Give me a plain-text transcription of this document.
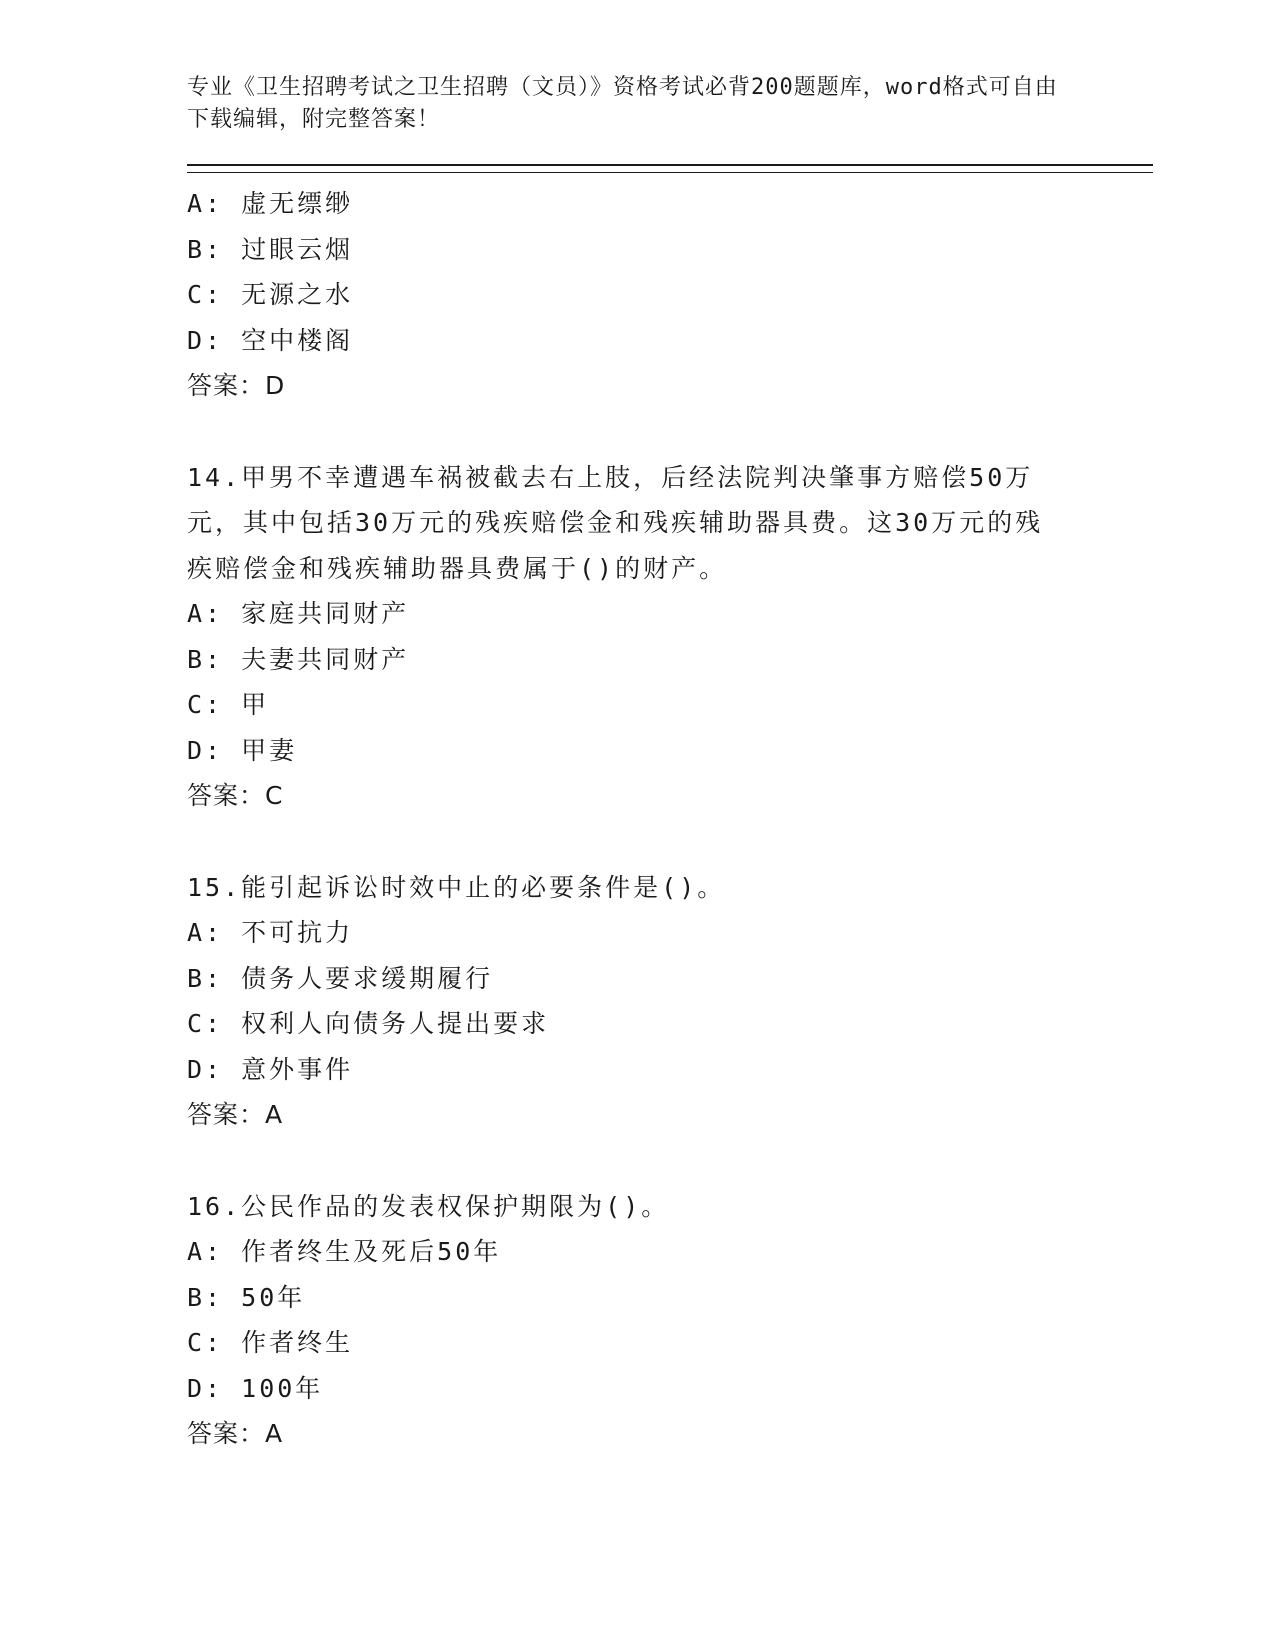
专业《卫生招聘考试之卫生招聘（文员）》资格考试必背200题题库，word格式可自由下载编辑，附完整答案！
A: 虚无缥缈
B: 过眼云烟
C: 无源之水
D: 空中楼阁
答案：D
14.甲男不幸遭遇车祸被截去右上肢，后经法院判决肇事方赔偿50万元，其中包括30万元的残疾赔偿金和残疾辅助器具费。这30万元的残疾赔偿金和残疾辅助器具费属于()的财产。
A: 家庭共同财产
B: 夫妻共同财产
C: 甲
D: 甲妻
答案：C
15.能引起诉讼时效中止的必要条件是()。
A: 不可抗力
B: 债务人要求缓期履行
C: 权利人向债务人提出要求
D: 意外事件
答案：A
16.公民作品的发表权保护期限为()。
A: 作者终生及死后50年
B: 50年
C: 作者终生
D: 100年
答案：A
